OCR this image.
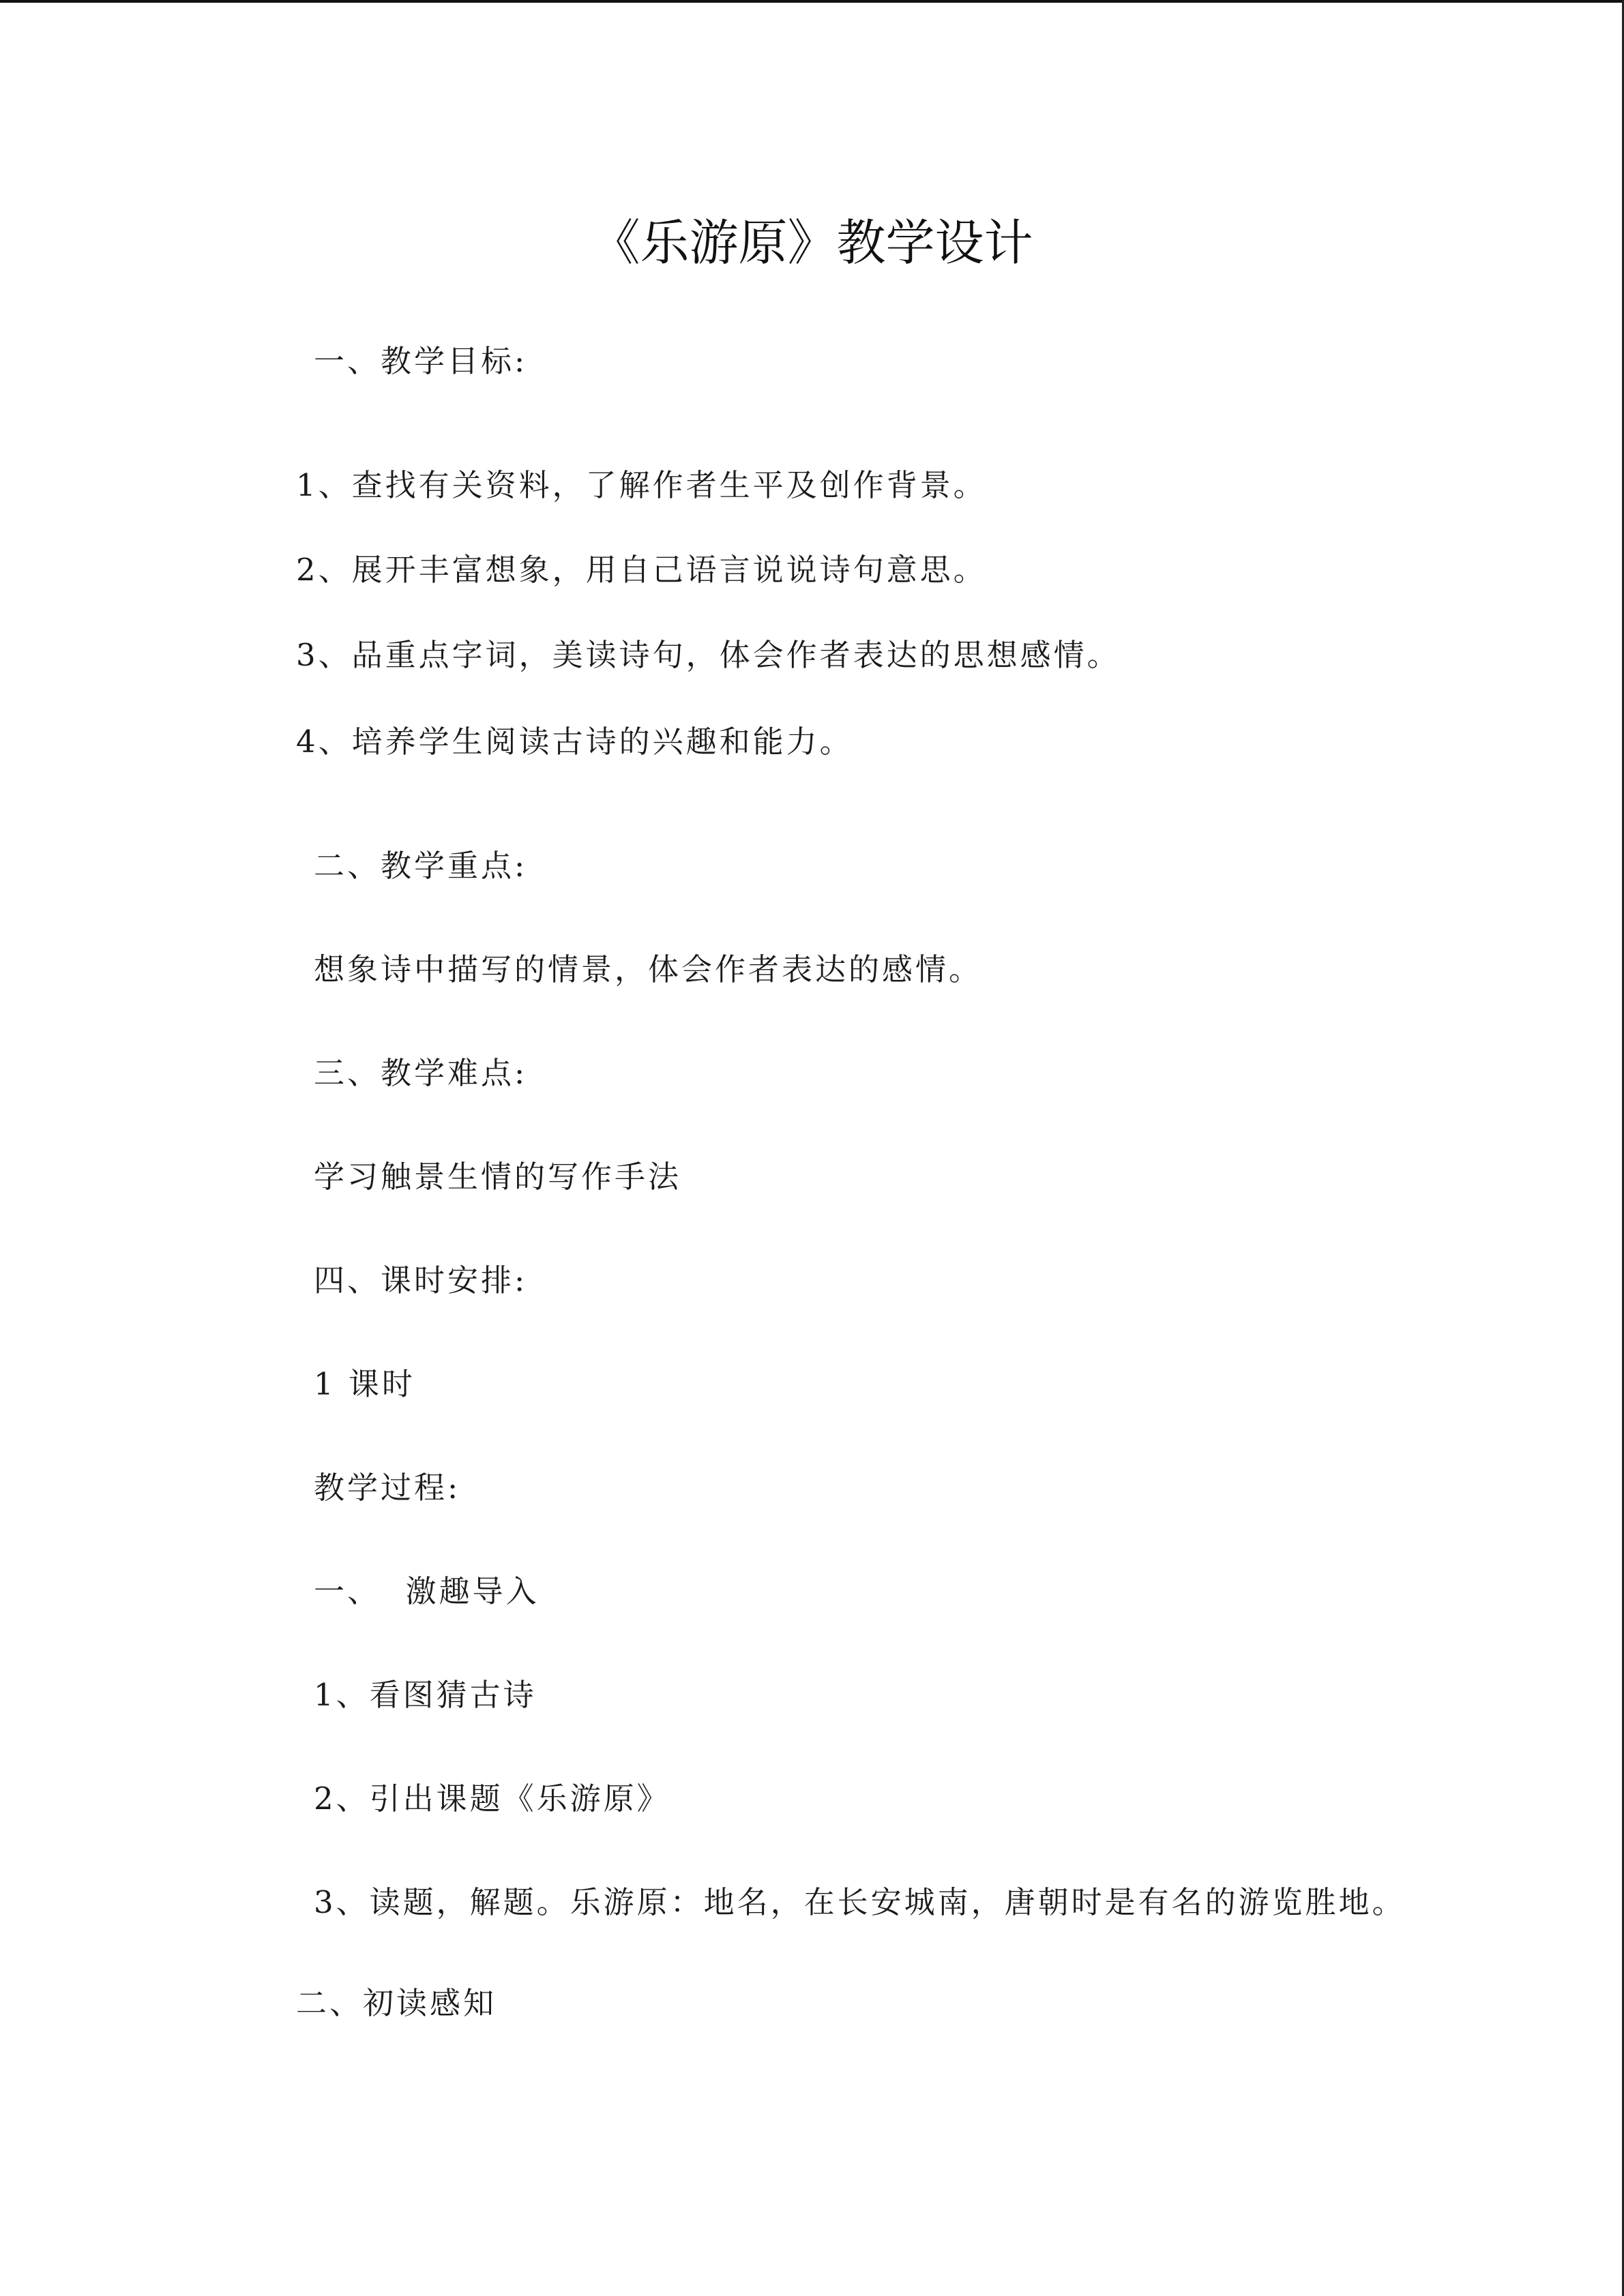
《乐游原》教学设计
一、教学目标:
1、查找有关资料，了解作者生平及创作背景。
2、展开丰富想象，用自己语言说说诗句意思。
3、品重点字词，美读诗句，体会作者表达的思想感情。
4、培养学生阅读古诗的兴趣和能力。
二、教学重点:
想象诗中描写的情景，体会作者表达的感情。
三、教学难点:
学习触景生情的写作手法
四、课时安排:
1 课时
教学过程:
一、  激趣导入
1、看图猜古诗
2、引出课题《乐游原》
3、读题，解题。乐游原：地名，在长安城南，唐朝时是有名的游览胜地。
二、初读感知
